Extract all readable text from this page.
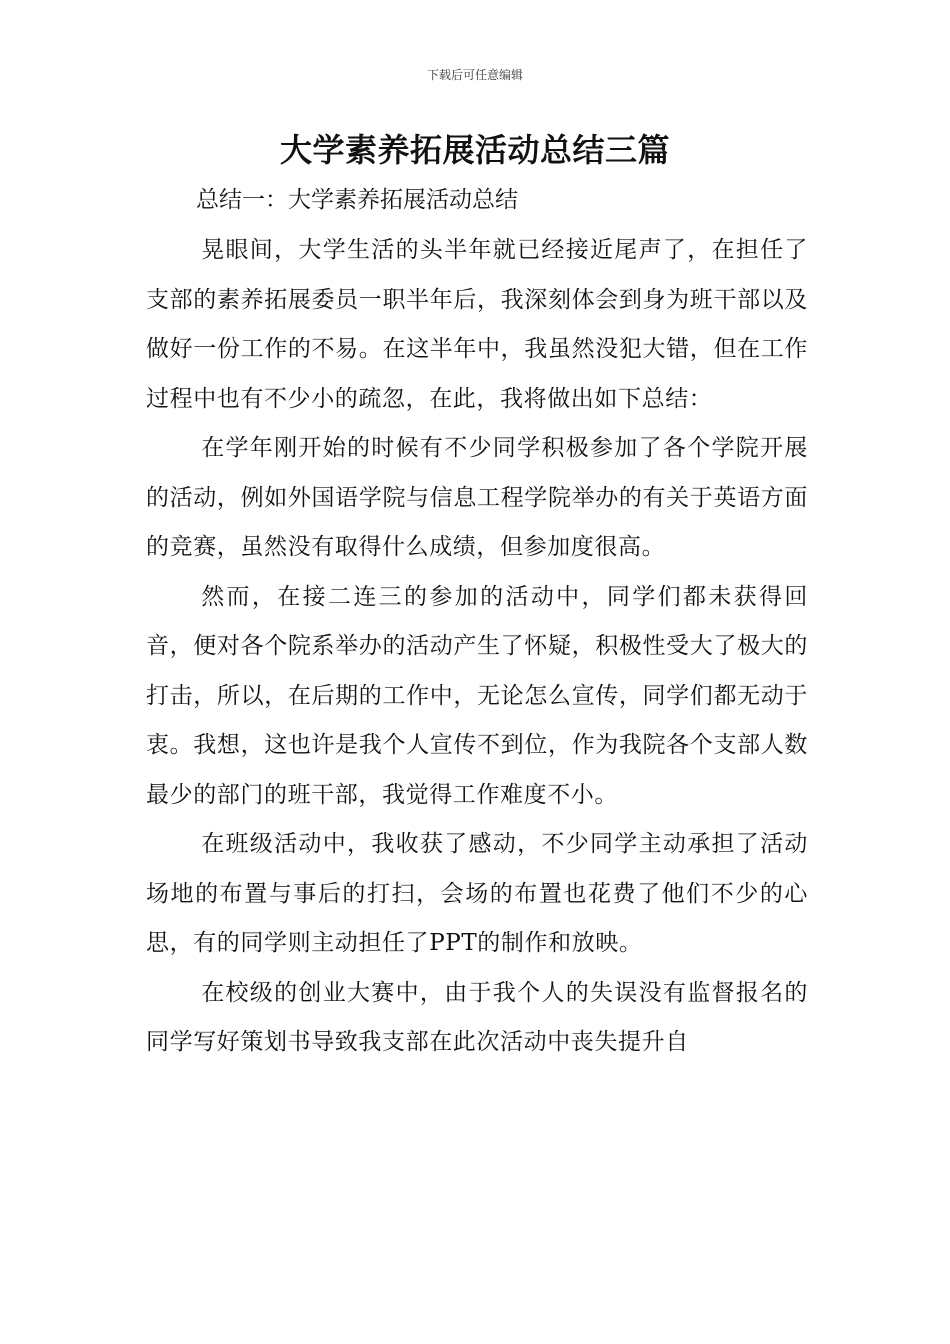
下载后可任意编辑
大学素养拓展活动总结三篇
总结一：大学素养拓展活动总结

晃眼间，大学生活的头半年就已经接近尾声了，在担任了支部的素养拓展委员一职半年后，我深刻体会到身为班干部以及做好一份工作的不易。在这半年中，我虽然没犯大错，但在工作过程中也有不少小的疏忽，在此，我将做出如下总结：

在学年刚开始的时候有不少同学积极参加了各个学院开展的活动，例如外国语学院与信息工程学院举办的有关于英语方面的竞赛，虽然没有取得什么成绩，但参加度很高。

然而，在接二连三的参加的活动中，同学们都未获得回音，便对各个院系举办的活动产生了怀疑，积极性受大了极大的打击，所以，在后期的工作中，无论怎么宣传，同学们都无动于衷。我想，这也许是我个人宣传不到位，作为我院各个支部人数最少的部门的班干部，我觉得工作难度不小。

在班级活动中，我收获了感动，不少同学主动承担了活动场地的布置与事后的打扫，会场的布置也花费了他们不少的心思，有的同学则主动担任了PPT的制作和放映。

在校级的创业大赛中，由于我个人的失误没有监督报名的同学写好策划书导致我支部在此次活动中丧失提升自
